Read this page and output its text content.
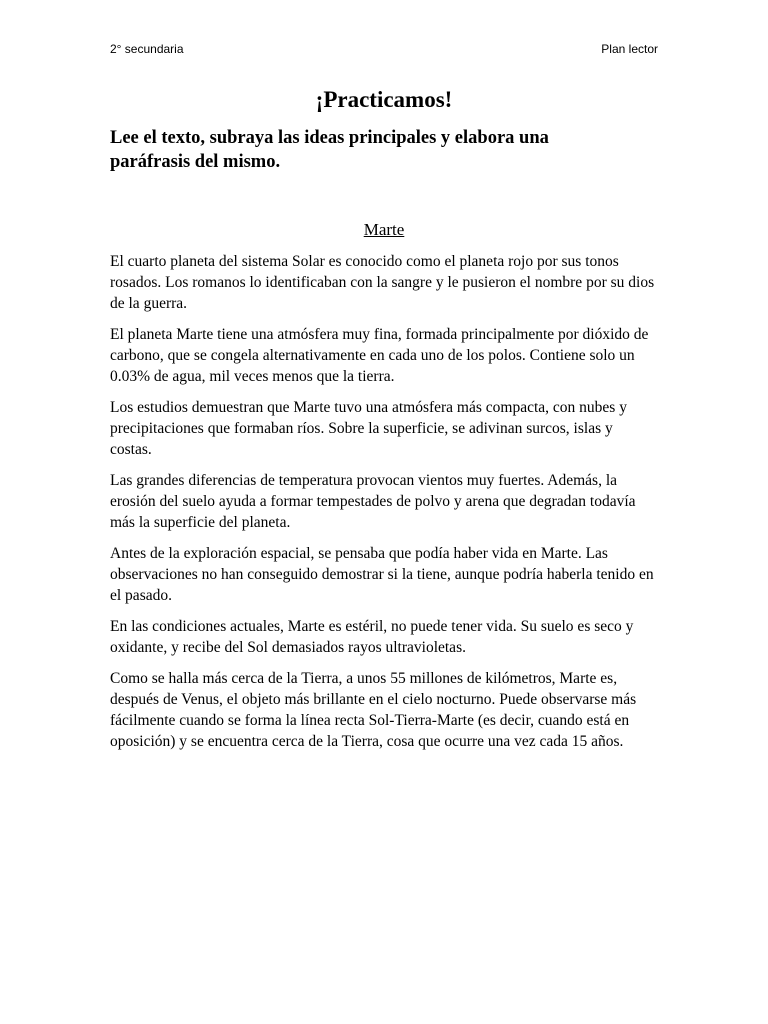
2° secundaria	Plan lector
¡Practicamos!
Lee el texto, subraya las ideas principales y elabora una paráfrasis del mismo.
Marte

El cuarto planeta del sistema Solar es conocido como el planeta rojo por sus tonos rosados. Los romanos lo identificaban con la sangre y le pusieron el nombre por su dios de la guerra.

El planeta Marte tiene una atmósfera muy fina, formada principalmente por dióxido de carbono, que se congela alternativamente en cada uno de los polos. Contiene solo un 0.03% de agua, mil veces menos que la tierra.

Los estudios demuestran que Marte tuvo una atmósfera más compacta, con nubes y precipitaciones que formaban ríos. Sobre la superficie, se adivinan surcos, islas y costas.

Las grandes diferencias de temperatura provocan vientos muy fuertes. Además, la erosión del suelo ayuda a formar tempestades de polvo y arena que degradan todavía más la superficie del planeta.

Antes de la exploración espacial, se pensaba que podía haber vida en Marte. Las observaciones no han conseguido demostrar si la tiene, aunque podría haberla tenido en el pasado.

En las condiciones actuales, Marte es estéril, no puede tener vida. Su suelo es seco y oxidante, y recibe del Sol demasiados rayos ultravioletas.

Como se halla más cerca de la Tierra, a unos 55 millones de kilómetros, Marte es, después de Venus, el objeto más brillante en el cielo nocturno. Puede observarse más fácilmente cuando se forma la línea recta Sol-Tierra-Marte (es decir, cuando está en oposición) y se encuentra cerca de la Tierra, cosa que ocurre una vez cada 15 años.
